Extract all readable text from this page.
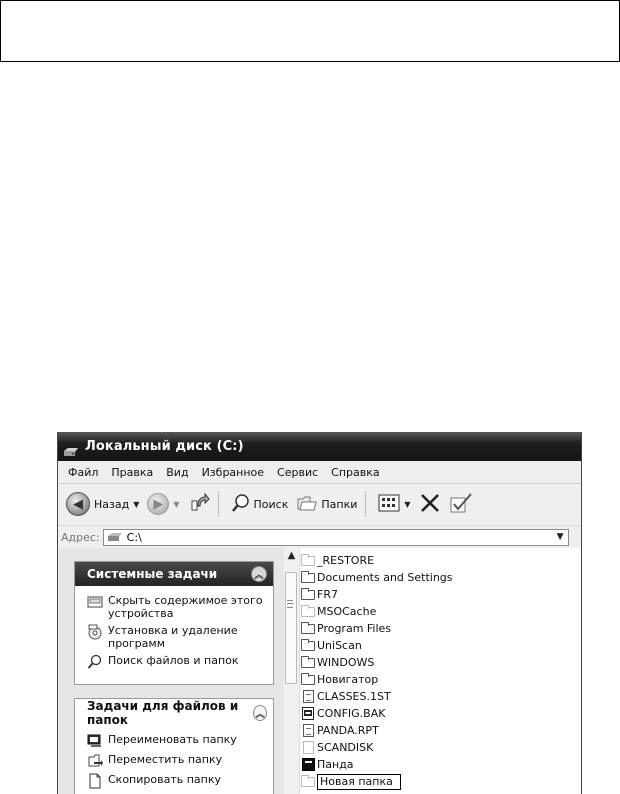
Локальный диск (C:)
Файл Правка Вид Избранное Сервис Справка
◀	Назад ▼	▶	▼	Поиск	Папки	▼
Адрес: C:\	▼
Системные задачи	︽
Скрыть содержимое этого устройства
Установка и удаление программ
Поиск файлов и папок
Задачи для файлов и папок	︽
Переименовать папку
Переместить папку
Скопировать папку
▲	_RESTORE
Documents and Settings
FR7
MSOCache
Program Files
UniScan
WINDOWS
Новигатор
CLASSES.1ST
CONFIG.BAK
PANDA.RPT
SCANDISK
Панда
Новая папка
